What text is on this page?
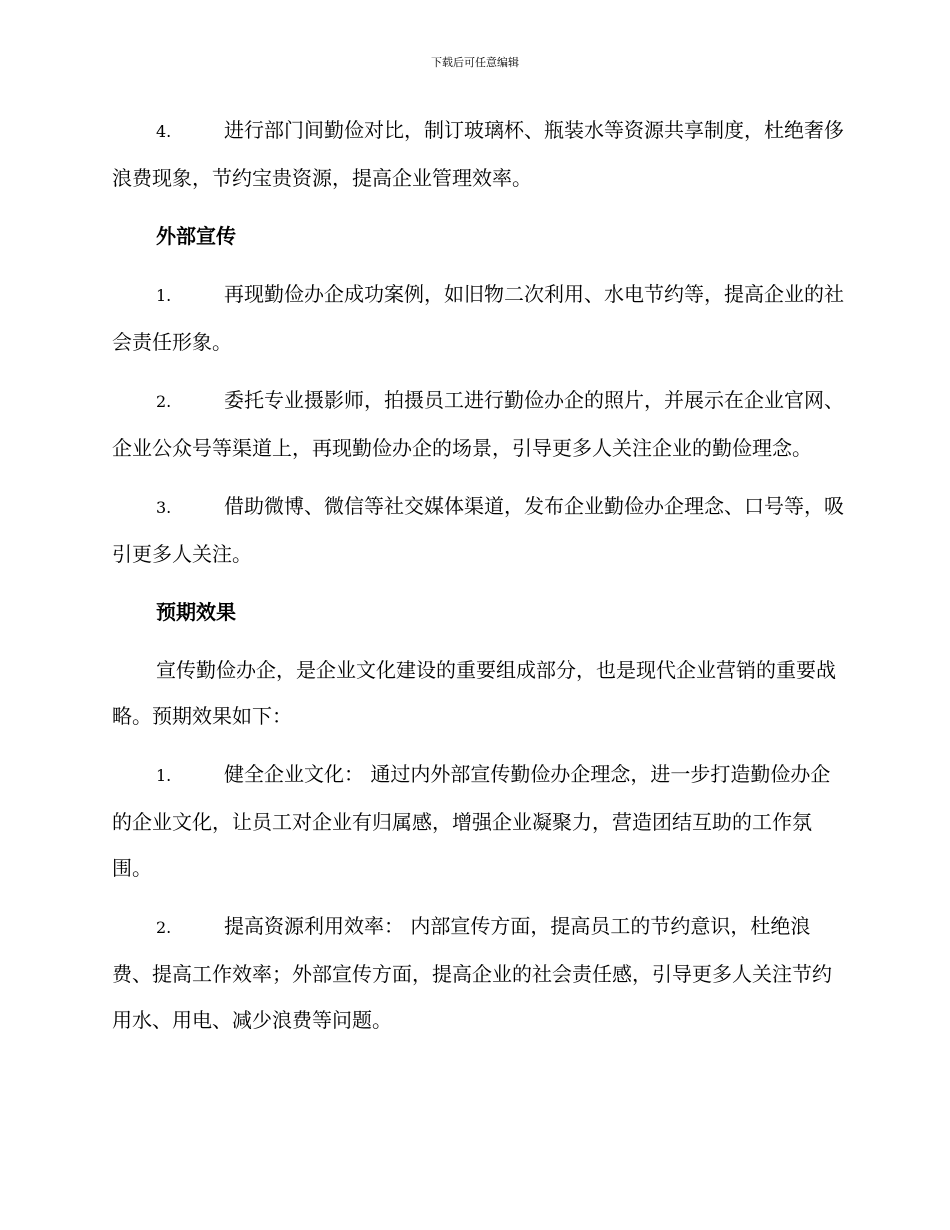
下载后可任意编辑
4.	进行部门间勤俭对比，制订玻璃杯、瓶装水等资源共享制度，杜绝奢侈浪费现象，节约宝贵资源，提高企业管理效率。
外部宣传
1.	再现勤俭办企成功案例，如旧物二次利用、水电节约等，提高企业的社会责任形象。
2.	委托专业摄影师，拍摄员工进行勤俭办企的照片，并展示在企业官网、企业公众号等渠道上，再现勤俭办企的场景，引导更多人关注企业的勤俭理念。
3.	借助微博、微信等社交媒体渠道，发布企业勤俭办企理念、口号等，吸引更多人关注。
预期效果
宣传勤俭办企，是企业文化建设的重要组成部分，也是现代企业营销的重要战略。预期效果如下：
1.	健全企业文化： 通过内外部宣传勤俭办企理念，进一步打造勤俭办企的企业文化，让员工对企业有归属感，增强企业凝聚力，营造团结互助的工作氛围。
2.	提高资源利用效率： 内部宣传方面，提高员工的节约意识，杜绝浪费、提高工作效率；外部宣传方面，提高企业的社会责任感，引导更多人关注节约用水、用电、减少浪费等问题。
